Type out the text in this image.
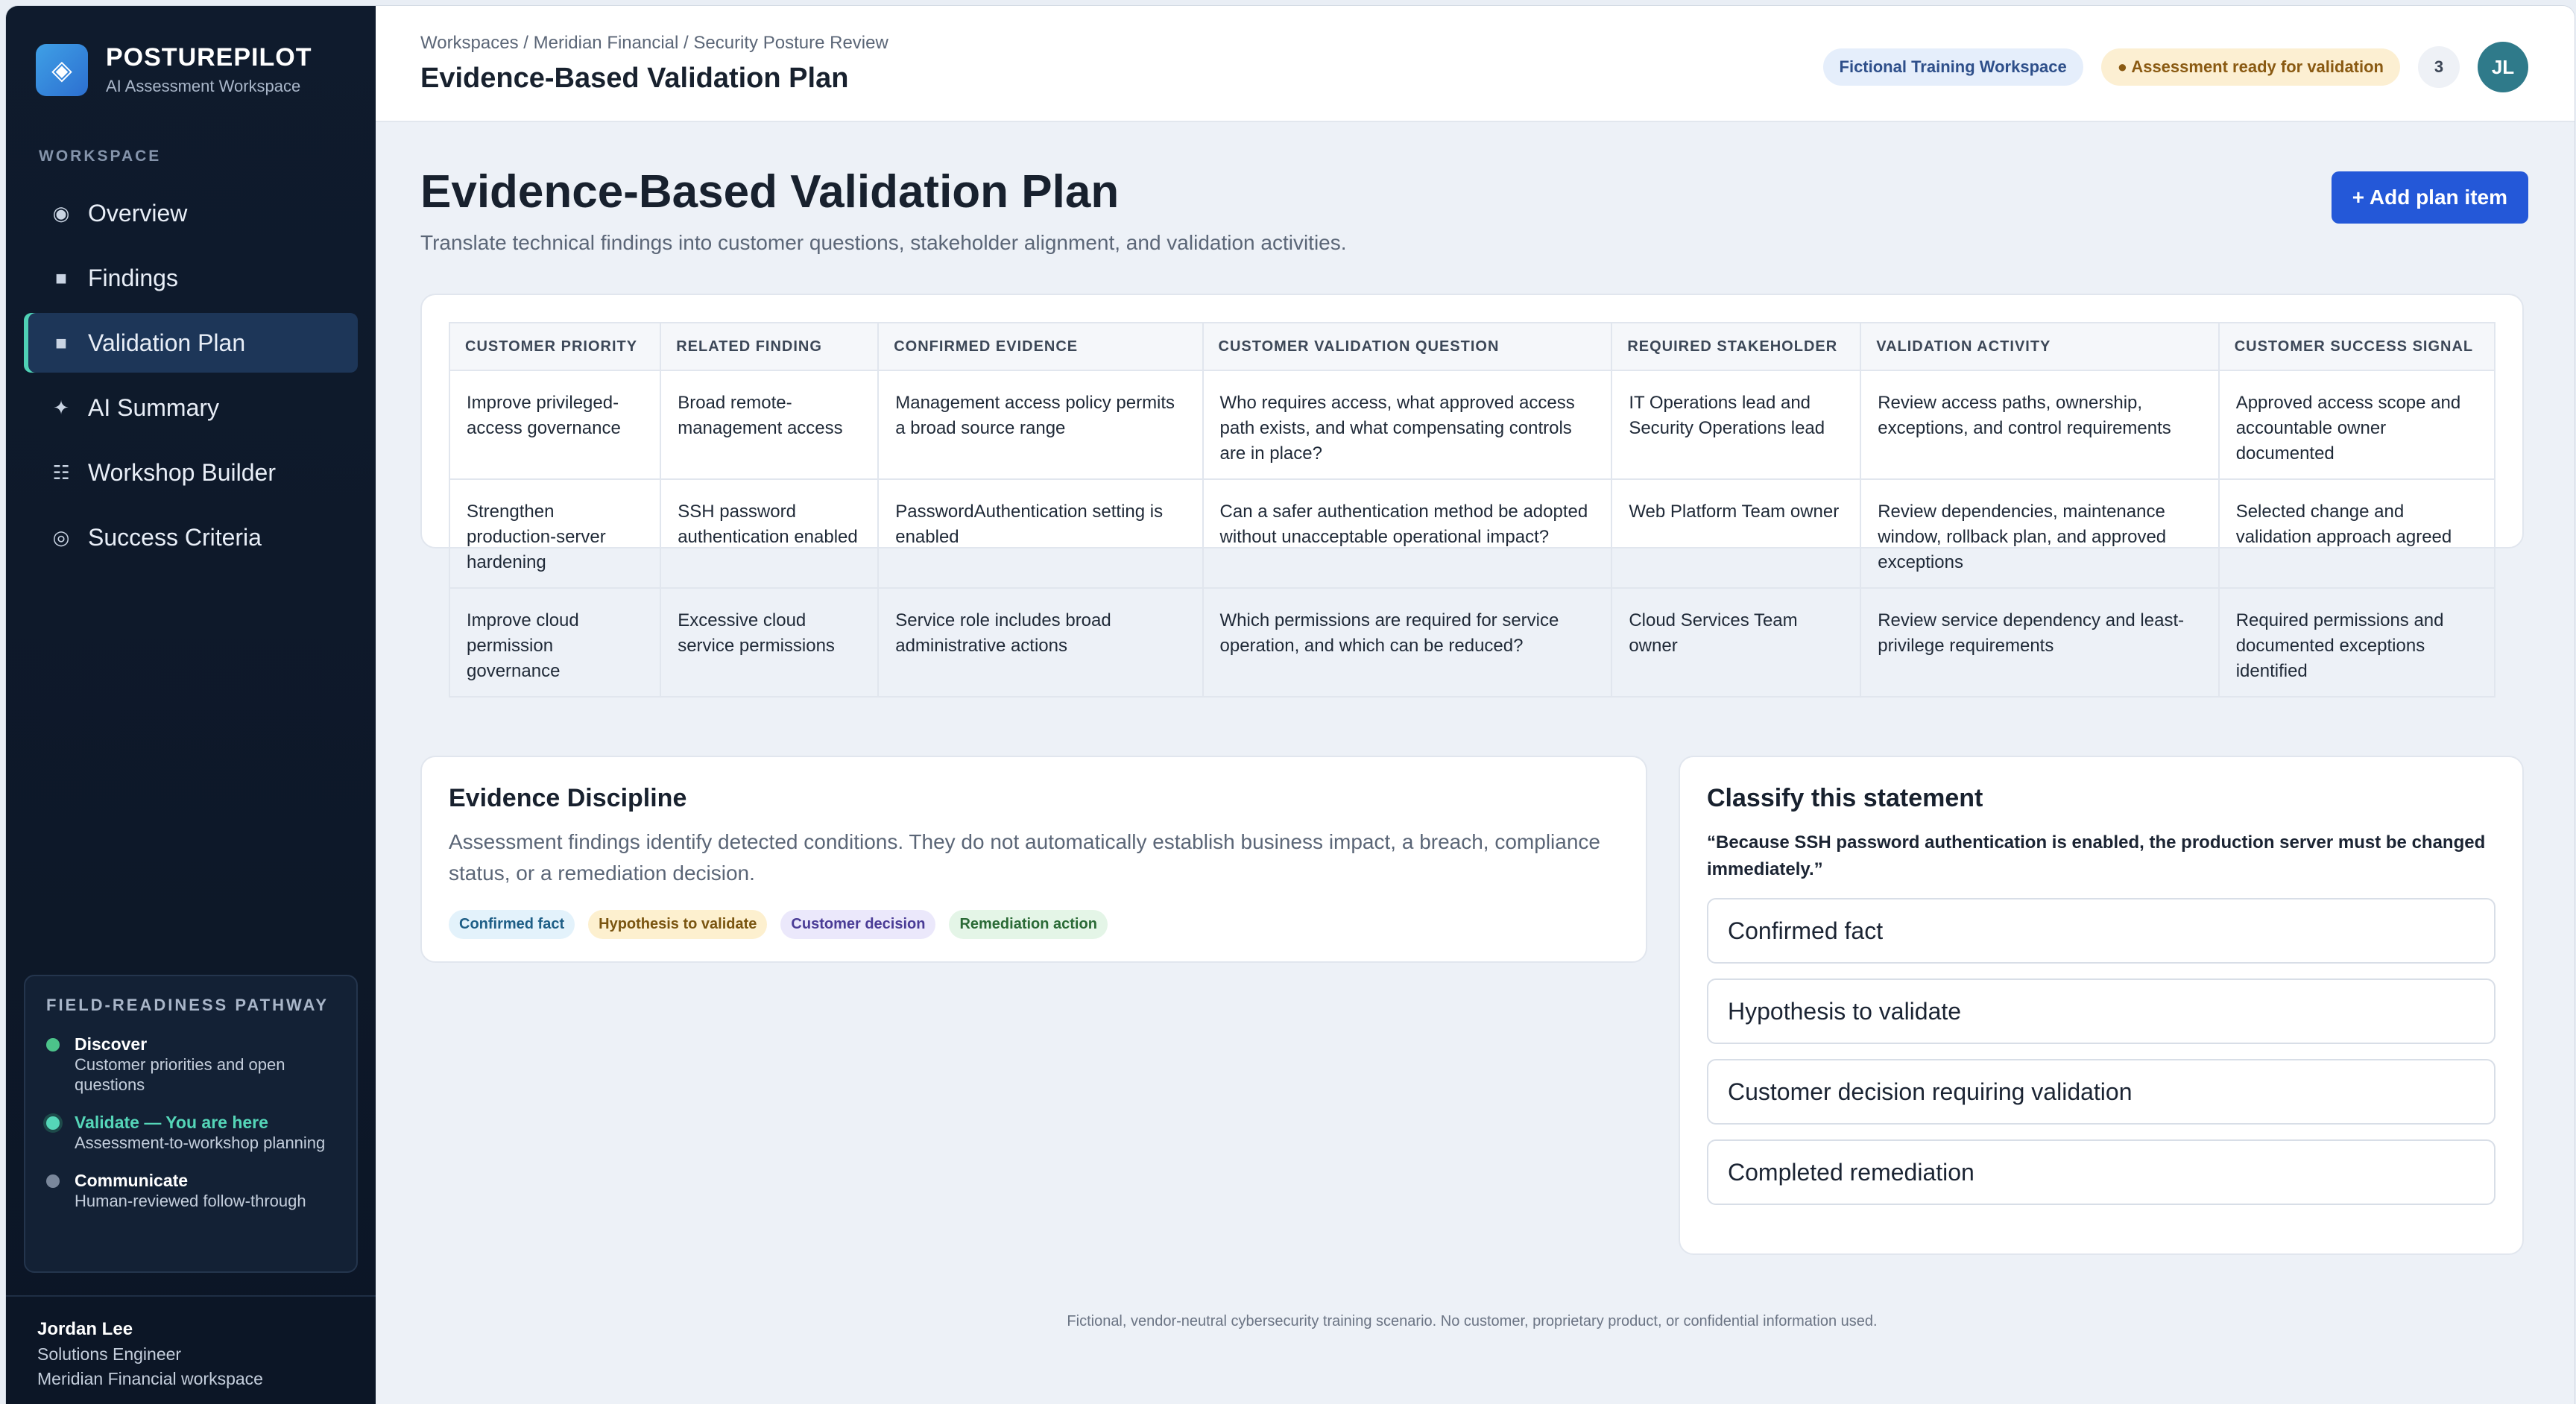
◈	POSTUREPILOT
AI Assessment Workspace
WORKSPACE
◉ Overview
■ Findings
■ Validation Plan
✦ AI Summary
☷ Workshop Builder
◎ Success Criteria
FIELD-READINESS PATHWAY
Discover
Customer priorities and open questions
Validate — You are here
Assessment-to-workshop planning
Communicate
Human-reviewed follow-through
Jordan Lee
Solutions Engineer
Meridian Financial workspace
Workspaces / Meridian Financial / Security Posture Review
Evidence-Based Validation Plan	Fictional Training Workspace	● Assessment ready for validation	3	JL
Evidence-Based Validation Plan

Translate technical findings into customer questions, stakeholder alignment, and validation activities.

+ Add plan item
CUSTOMER PRIORITY	RELATED FINDING	CONFIRMED EVIDENCE	CUSTOMER VALIDATION QUESTION	REQUIRED STAKEHOLDER	VALIDATION ACTIVITY	CUSTOMER SUCCESS SIGNAL
Improve privileged-access governance	Broad remote-management access	Management access policy permits a broad source range	Who requires access, what approved access path exists, and what compensating controls are in place?	IT Operations lead and Security Operations lead	Review access paths, ownership, exceptions, and control requirements	Approved access scope and accountable owner documented
Strengthen production-server hardening	SSH password authentication enabled	PasswordAuthentication setting is enabled	Can a safer authentication method be adopted without unacceptable operational impact?	Web Platform Team owner	Review dependencies, maintenance window, rollback plan, and approved exceptions	Selected change and validation approach agreed
Improve cloud permission governance	Excessive cloud service permissions	Service role includes broad administrative actions	Which permissions are required for service operation, and which can be reduced?	Cloud Services Team owner	Review service dependency and least-privilege requirements	Required permissions and documented exceptions identified
Evidence Discipline

Assessment findings identify detected conditions. They do not automatically establish business impact, a breach, compliance status, or a remediation decision.

Confirmed fact	Hypothesis to validate	Customer decision	Remediation action
Classify this statement

“Because SSH password authentication is enabled, the production server must be changed immediately.”

Confirmed fact
Hypothesis to validate
Customer decision requiring validation
Completed remediation
Fictional, vendor-neutral cybersecurity training scenario. No customer, proprietary product, or confidential information used.
